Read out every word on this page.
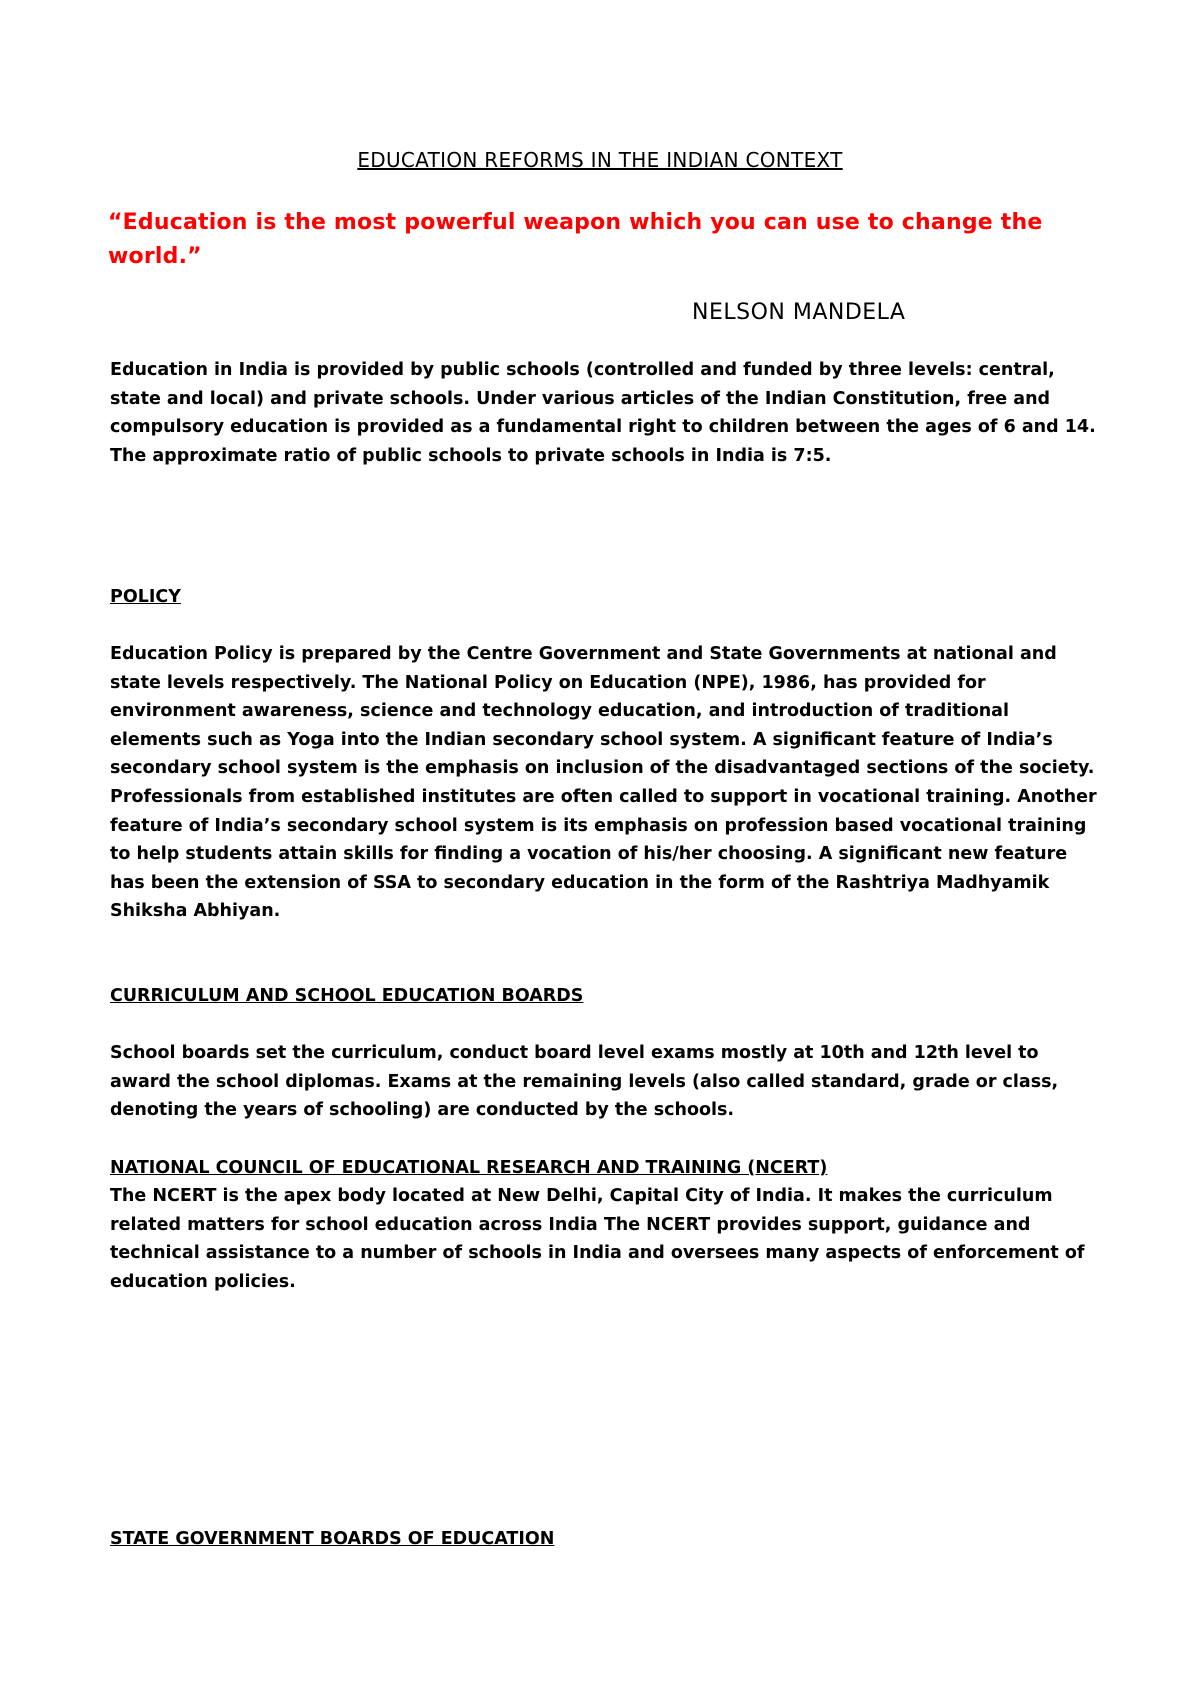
EDUCATION REFORMS IN THE INDIAN CONTEXT
“Education is the most powerful weapon which you can use to change the world.”
NELSON MANDELA
Education in India is provided by public schools (controlled and funded by three levels: central, state and local) and private schools. Under various articles of the Indian Constitution, free and compulsory education is provided as a fundamental right to children between the ages of 6 and 14. The approximate ratio of public schools to private schools in India is 7:5.
POLICY
Education Policy is prepared by the Centre Government and State Governments at national and state levels respectively. The National Policy on Education (NPE), 1986, has provided for environment awareness, science and technology education, and introduction of traditional elements such as Yoga into the Indian secondary school system. A significant feature of India’s secondary school system is the emphasis on inclusion of the disadvantaged sections of the society. Professionals from established institutes are often called to support in vocational training. Another feature of India’s secondary school system is its emphasis on profession based vocational training to help students attain skills for finding a vocation of his/her choosing. A significant new feature has been the extension of SSA to secondary education in the form of the Rashtriya Madhyamik Shiksha Abhiyan.
CURRICULUM AND SCHOOL EDUCATION BOARDS
School boards set the curriculum, conduct board level exams mostly at 10th and 12th level to award the school diplomas. Exams at the remaining levels (also called standard, grade or class, denoting the years of schooling) are conducted by the schools.
NATIONAL COUNCIL OF EDUCATIONAL RESEARCH AND TRAINING (NCERT)
The NCERT is the apex body located at New Delhi, Capital City of India. It makes the curriculum related matters for school education across India The NCERT provides support, guidance and technical assistance to a number of schools in India and oversees many aspects of enforcement of education policies.
STATE GOVERNMENT BOARDS OF EDUCATION
